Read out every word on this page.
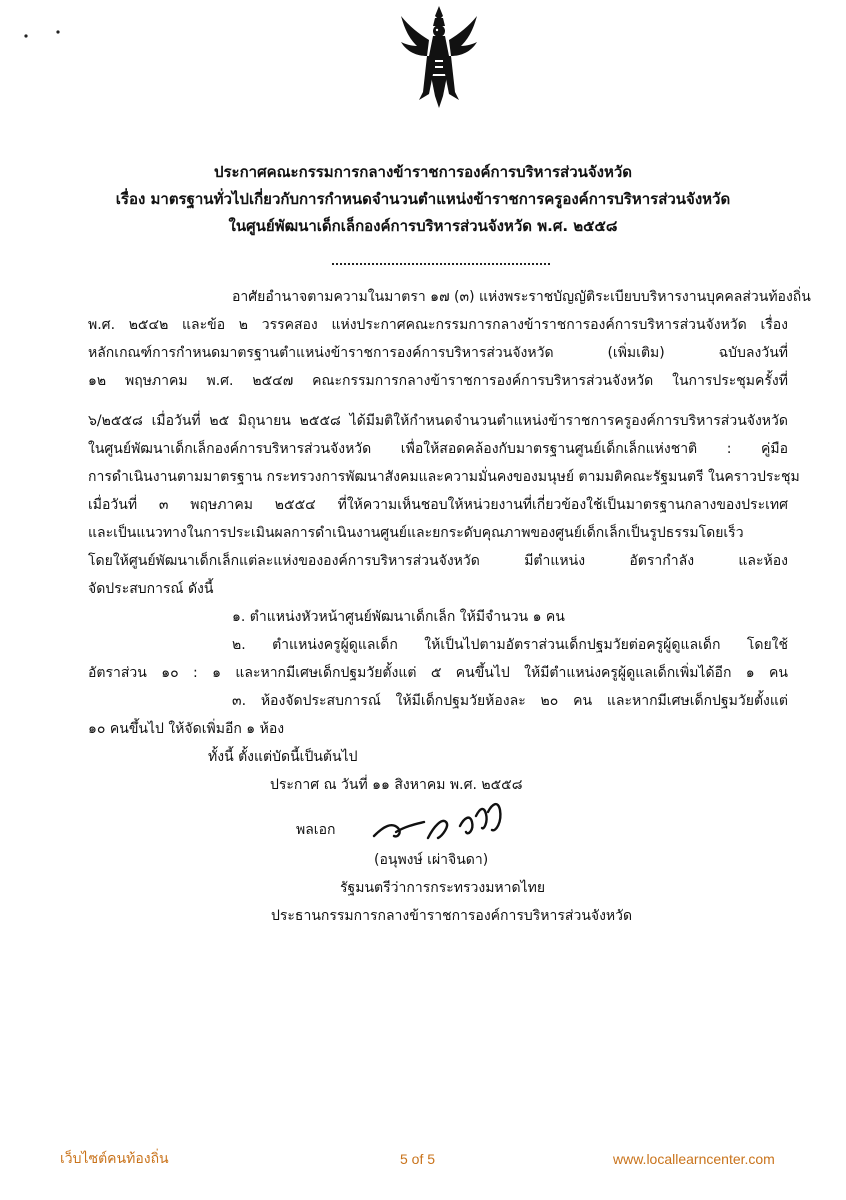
ประกาศคณะกรรมการกลางข้าราชการองค์การบริหารส่วนจังหวัด
เรื่อง มาตรฐานทั่วไปเกี่ยวกับการกำหนดจำนวนตำแหน่งข้าราชการครูองค์การบริหารส่วนจังหวัด
ในศูนย์พัฒนาเด็กเล็กองค์การบริหารส่วนจังหวัด พ.ศ. ๒๕๕๘
อาศัยอำนาจตามความในมาตรา ๑๗ (๓) แห่งพระราชบัญญัติระเบียบบริหารงานบุคคลส่วนท้องถิ่น
พ.ศ. ๒๕๔๒ และข้อ ๒ วรรคสอง แห่งประกาศคณะกรรมการกลางข้าราชการองค์การบริหารส่วนจังหวัด เรื่อง
หลักเกณฑ์การกำหนดมาตรฐานตำแหน่งข้าราชการองค์การบริหารส่วนจังหวัด (เพิ่มเติม) ฉบับลงวันที่
๑๒ พฤษภาคม พ.ศ. ๒๕๔๗ คณะกรรมการกลางข้าราชการองค์การบริหารส่วนจังหวัด ในการประชุมครั้งที่
๖/๒๕๕๘ เมื่อวันที่ ๒๕ มิถุนายน ๒๕๕๘ ได้มีมติให้กำหนดจำนวนตำแหน่งข้าราชการครูองค์การบริหารส่วนจังหวัด
ในศูนย์พัฒนาเด็กเล็กองค์การบริหารส่วนจังหวัด เพื่อให้สอดคล้องกับมาตรฐานศูนย์เด็กเล็กแห่งชาติ : คู่มือ
การดำเนินงานตามมาตรฐาน กระทรวงการพัฒนาสังคมและความมั่นคงของมนุษย์ ตามมติคณะรัฐมนตรี ในคราวประชุม
เมื่อวันที่ ๓ พฤษภาคม ๒๕๕๔ ที่ให้ความเห็นชอบให้หน่วยงานที่เกี่ยวข้องใช้เป็นมาตรฐานกลางของประเทศ
และเป็นแนวทางในการประเมินผลการดำเนินงานศูนย์และยกระดับคุณภาพของศูนย์เด็กเล็กเป็นรูปธรรมโดยเร็ว
โดยให้ศูนย์พัฒนาเด็กเล็กแต่ละแห่งขององค์การบริหารส่วนจังหวัด มีตำแหน่ง อัตรากำลัง และห้อง
จัดประสบการณ์ ดังนี้
๑. ตำแหน่งหัวหน้าศูนย์พัฒนาเด็กเล็ก ให้มีจำนวน ๑ คน
๒. ตำแหน่งครูผู้ดูแลเด็ก ให้เป็นไปตามอัตราส่วนเด็กปฐมวัยต่อครูผู้ดูแลเด็ก โดยใช้
อัตราส่วน ๑๐ : ๑ และหากมีเศษเด็กปฐมวัยตั้งแต่ ๕ คนขึ้นไป ให้มีตำแหน่งครูผู้ดูแลเด็กเพิ่มได้อีก ๑ คน
๓. ห้องจัดประสบการณ์ ให้มีเด็กปฐมวัยห้องละ ๒๐ คน และหากมีเศษเด็กปฐมวัยตั้งแต่
๑๐ คนขึ้นไป ให้จัดเพิ่มอีก ๑ ห้อง
ทั้งนี้ ตั้งแต่บัดนี้เป็นต้นไป
ประกาศ ณ วันที่ ๑๑ สิงหาคม พ.ศ. ๒๕๕๘
พลเอก
(อนุพงษ์ เผ่าจินดา)
รัฐมนตรีว่าการกระทรวงมหาดไทย
ประธานกรรมการกลางข้าราชการองค์การบริหารส่วนจังหวัด
เว็บไซต์คนท้องถิ่น	5 of 5	www.locallearncenter.com
